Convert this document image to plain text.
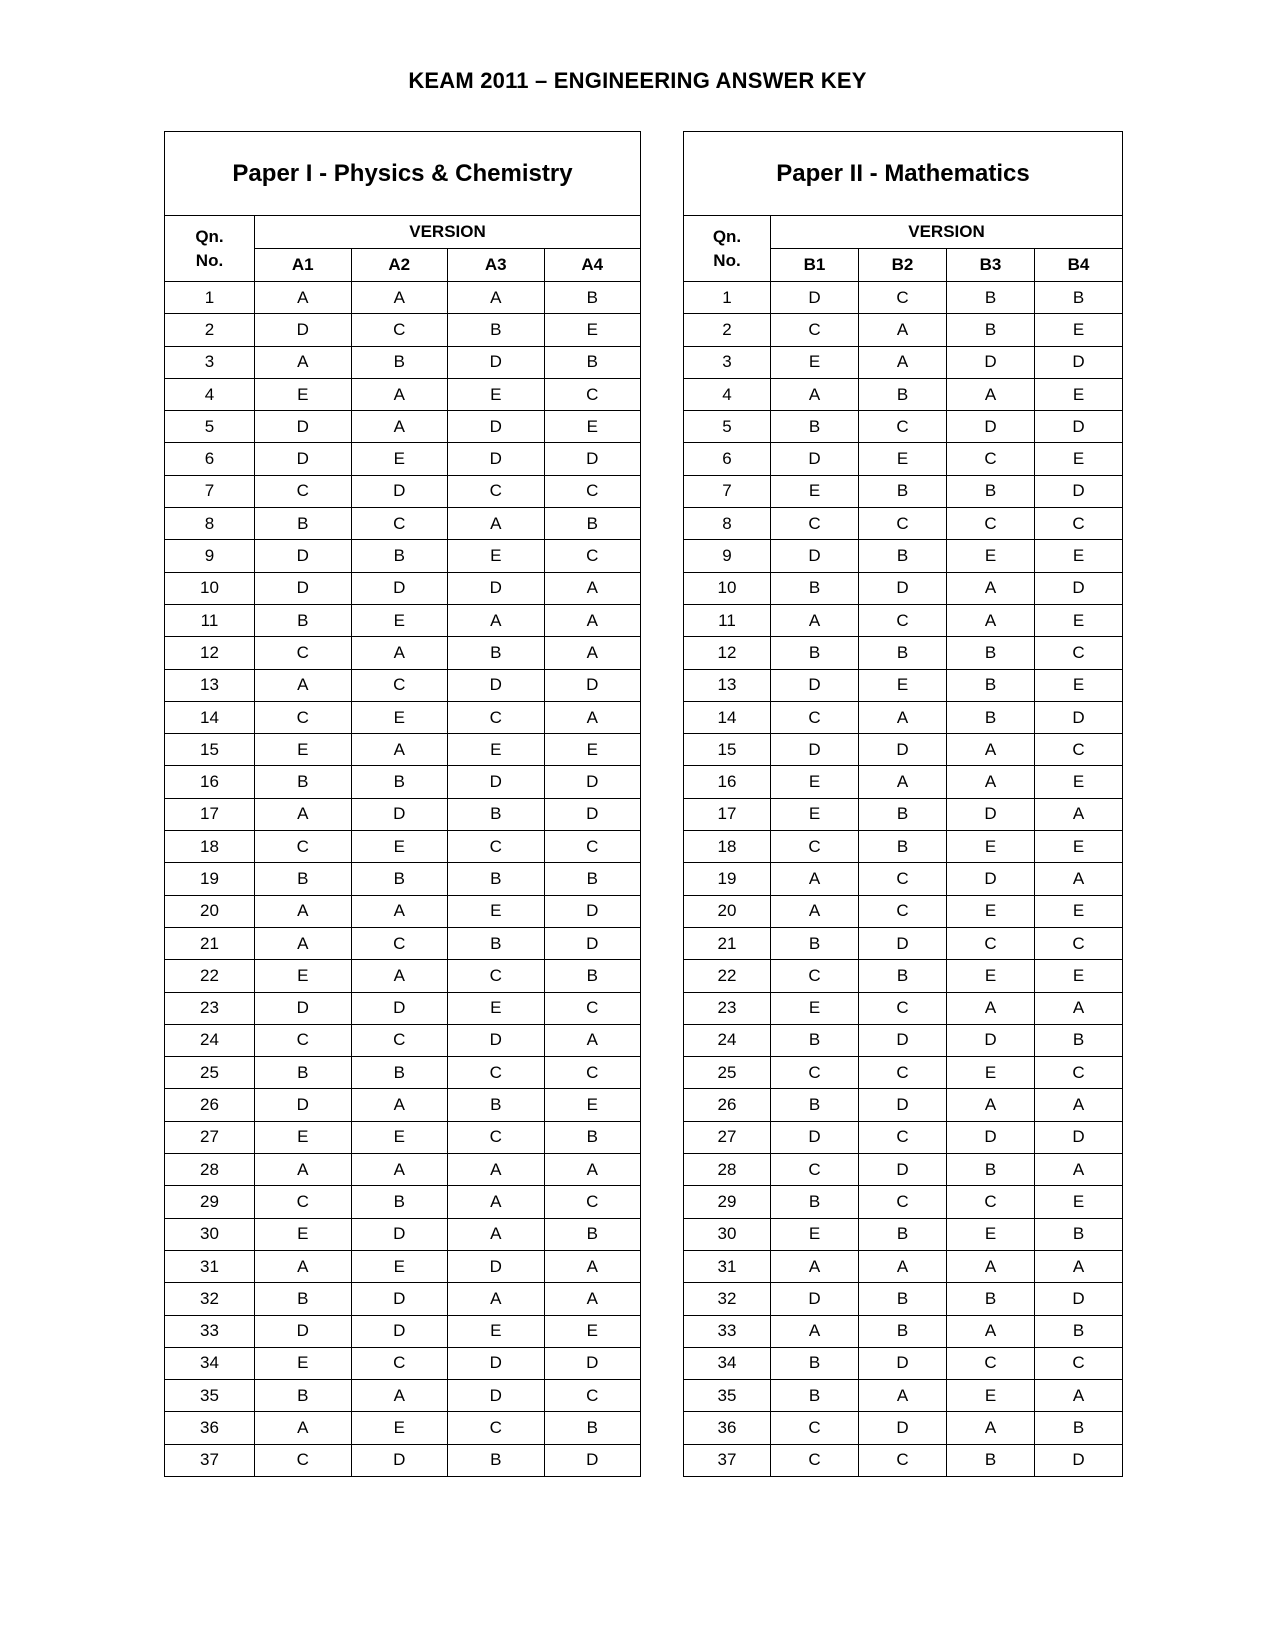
KEAM 2011 – ENGINEERING ANSWER KEY
Paper I - Physics & Chemistry				

Qn.
No.	VERSION			
	A1	A2	A3	A4
1	A	A	A	B
2	D	C	B	E
3	A	B	D	B
4	E	A	E	C
5	D	A	D	E
6	D	E	D	D
7	C	D	C	C
8	B	C	A	B
9	D	B	E	C
10	D	D	D	A
11	B	E	A	A
12	C	A	B	A
13	A	C	D	D
14	C	E	C	A
15	E	A	E	E
16	B	B	D	D
17	A	D	B	D
18	C	E	C	C
19	B	B	B	B
20	A	A	E	D
21	A	C	B	D
22	E	A	C	B
23	D	D	E	C
24	C	C	D	A
25	B	B	C	C
26	D	A	B	E
27	E	E	C	B
28	A	A	A	A
29	C	B	A	C
30	E	D	A	B
31	A	E	D	A
32	B	D	A	A
33	D	D	E	E
34	E	C	D	D
35	B	A	D	C
36	A	E	C	B
37	C	D	B	D
Paper II - Mathematics				

Qn.
No.	VERSION			
	B1	B2	B3	B4
1	D	C	B	B
2	C	A	B	E
3	E	A	D	D
4	A	B	A	E
5	B	C	D	D
6	D	E	C	E
7	E	B	B	D
8	C	C	C	C
9	D	B	E	E
10	B	D	A	D
11	A	C	A	E
12	B	B	B	C
13	D	E	B	E
14	C	A	B	D
15	D	D	A	C
16	E	A	A	E
17	E	B	D	A
18	C	B	E	E
19	A	C	D	A
20	A	C	E	E
21	B	D	C	C
22	C	B	E	E
23	E	C	A	A
24	B	D	D	B
25	C	C	E	C
26	B	D	A	A
27	D	C	D	D
28	C	D	B	A
29	B	C	C	E
30	E	B	E	B
31	A	A	A	A
32	D	B	B	D
33	A	B	A	B
34	B	D	C	C
35	B	A	E	A
36	C	D	A	B
37	C	C	B	D
